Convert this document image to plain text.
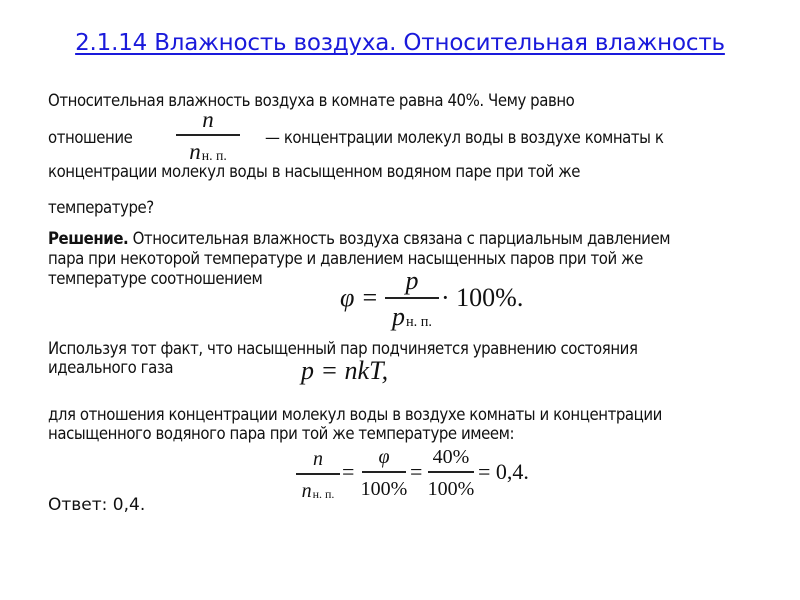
2.1.14 Влажность воздуха. Относительная влажность
Относительная влажность воздуха в комнате равна 40%. Чему равно
отношение
n
nн. п.
— концентрации молекул воды в воздухе комнаты к
концентрации молекул воды в насыщенном водяном паре при той же
температуре?
Решение. Относительная влажность воздуха связана с парциальным давлением
пара при некоторой температуре и давлением насыщенных паров при той же
температуре соотношением
φ =
p
pн. п.
· 100%.
Используя тот факт, что насыщенный пар подчиняется уравнению состояния
идеального газа	p = nkT,
для отношения концентрации молекул воды в воздухе комнаты и концентрации
насыщенного водяного пара при той же температуре имеем:
n
nн. п.
=
φ
100%
=
40%
100%
= 0,4.
Ответ: 0,4.
